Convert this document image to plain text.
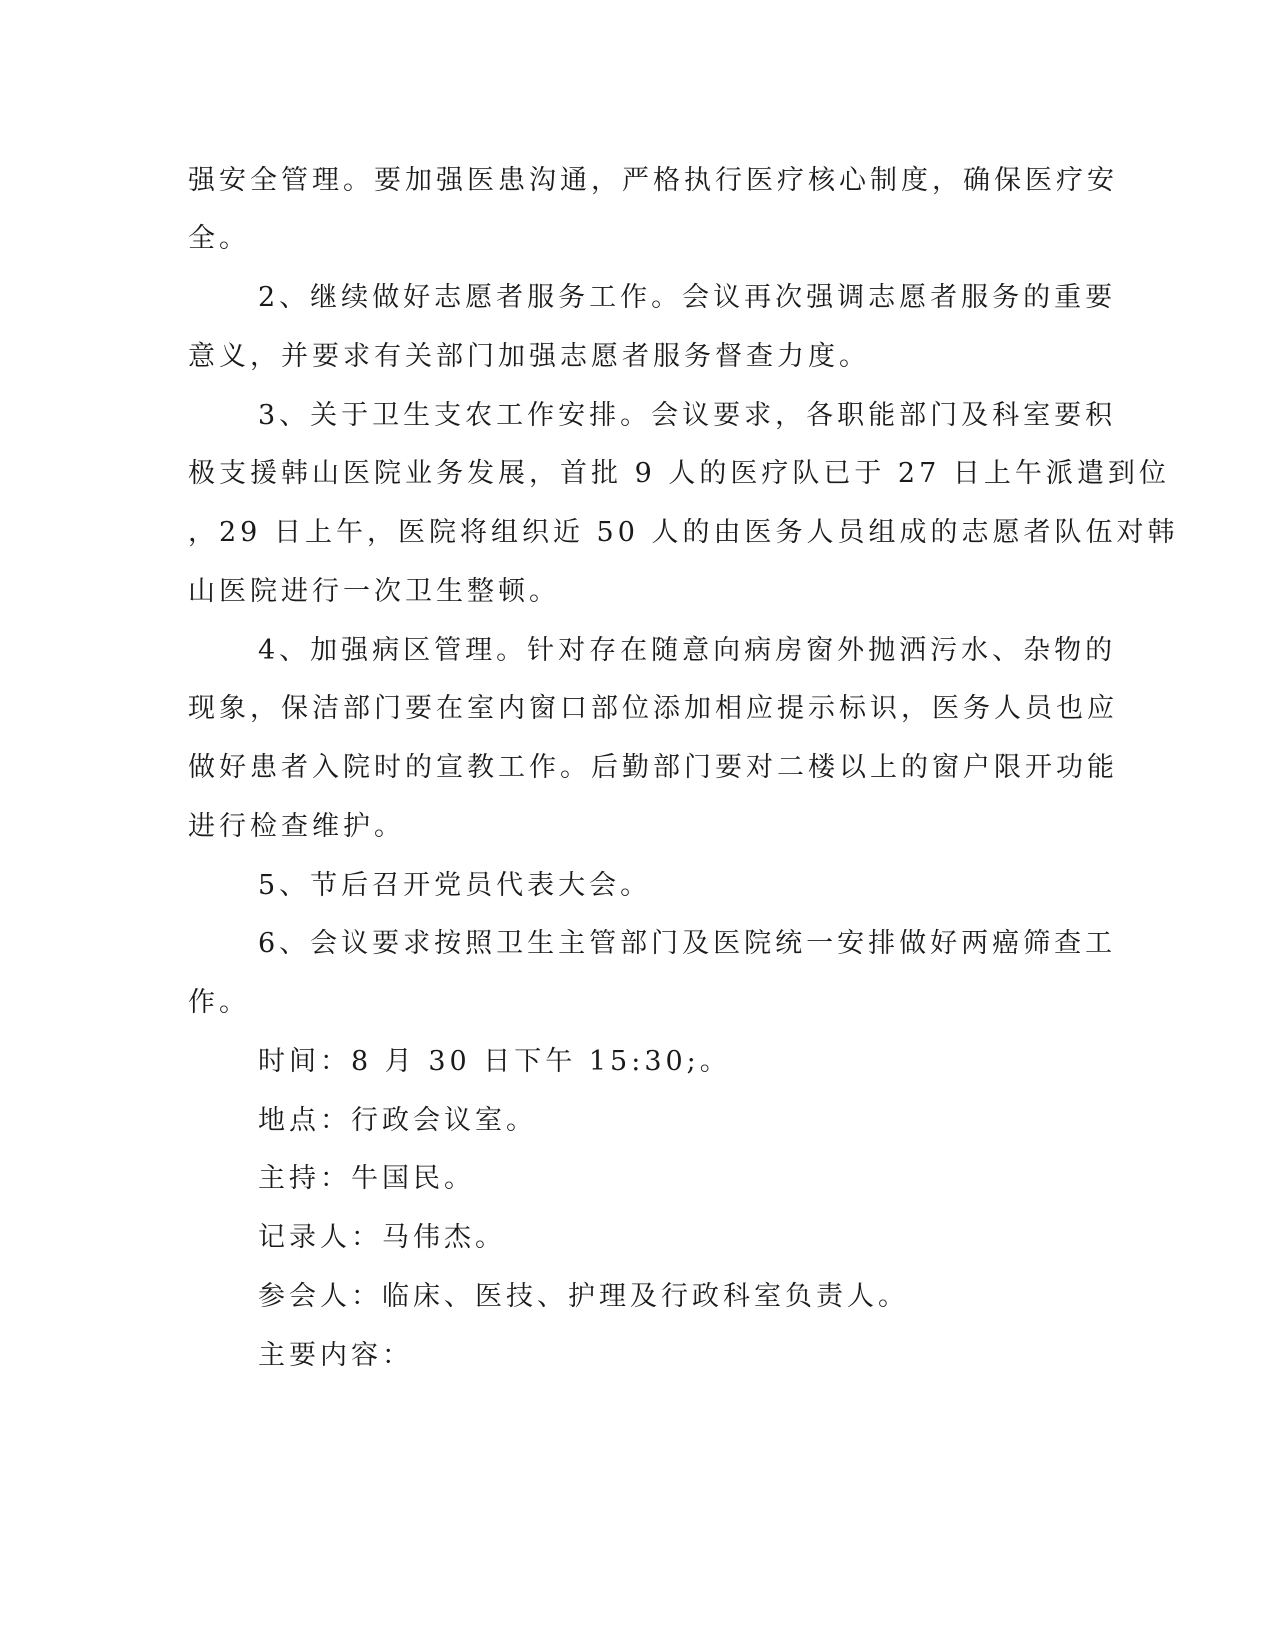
强安全管理。要加强医患沟通，严格执行医疗核心制度，确保医疗安

全。

2、继续做好志愿者服务工作。会议再次强调志愿者服务的重要

意义，并要求有关部门加强志愿者服务督查力度。

3、关于卫生支农工作安排。会议要求，各职能部门及科室要积

极支援韩山医院业务发展，首批 9 人的医疗队已于 27 日上午派遣到位

，29 日上午，医院将组织近 50 人的由医务人员组成的志愿者队伍对韩

山医院进行一次卫生整顿。

4、加强病区管理。针对存在随意向病房窗外抛洒污水、杂物的

现象，保洁部门要在室内窗口部位添加相应提示标识，医务人员也应

做好患者入院时的宣教工作。后勤部门要对二楼以上的窗户限开功能

进行检查维护。

5、节后召开党员代表大会。

6、会议要求按照卫生主管部门及医院统一安排做好两癌筛查工

作。

时间：8 月 30 日下午 15:30;。

地点：行政会议室。

主持：牛国民。

记录人：马伟杰。

参会人：临床、医技、护理及行政科室负责人。

主要内容：
